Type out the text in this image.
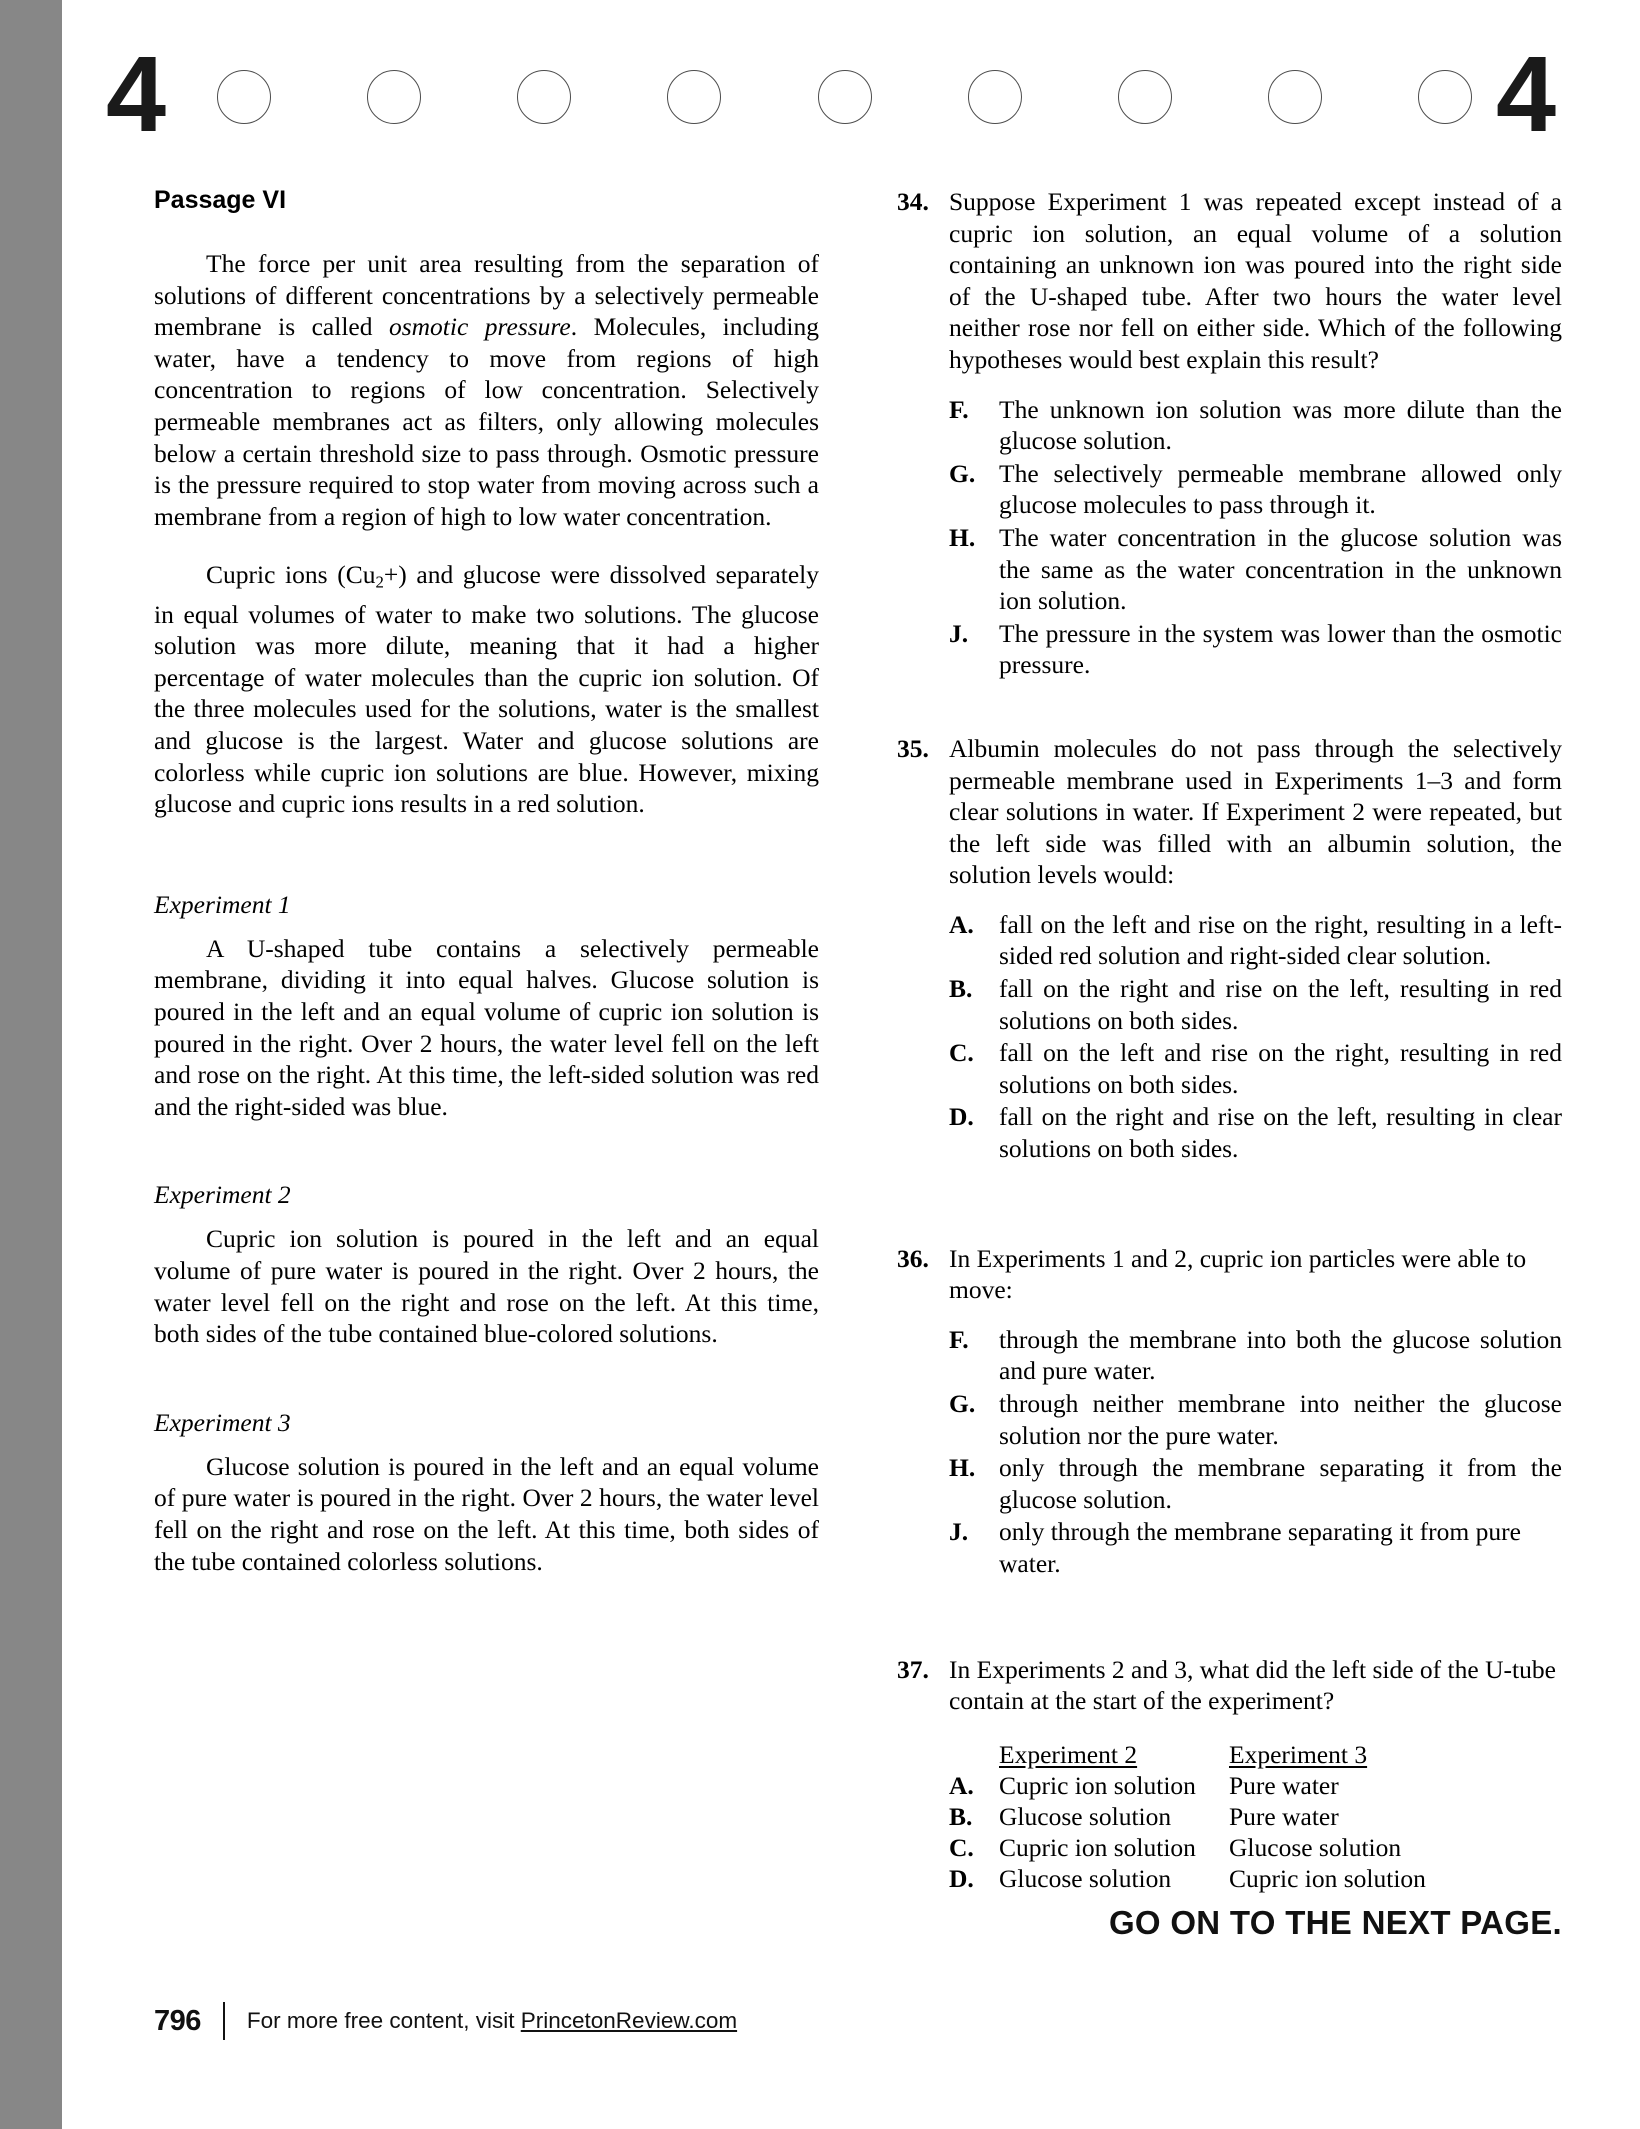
4	4
Passage VI

The force per unit area resulting from the separation of solutions of different concentrations by a selectively permeable membrane is called osmotic pressure. Molecules, including water, have a tendency to move from regions of high concentration to regions of low concentration. Selectively permeable membranes act as filters, only allowing molecules below a certain threshold size to pass through. Osmotic pressure is the pressure required to stop water from moving across such a membrane from a region of high to low water concentration.

Cupric ions $(Cu_2+)$ and glucose were dissolved separately in equal volumes of water to make two solutions. The glucose solution was more dilute, meaning that it had a higher percentage of water molecules than the cupric ion solution. Of the three molecules used for the solutions, water is the smallest and glucose is the largest. Water and glucose solutions are colorless while cupric ion solutions are blue. However, mixing glucose and cupric ions results in a red solution.

Experiment 1

A U-shaped tube contains a selectively permeable membrane, dividing it into equal halves. Glucose solution is poured in the left and an equal volume of cupric ion solution is poured in the right. Over 2 hours, the water level fell on the left and rose on the right. At this time, the left-sided solution was red and the right-sided was blue.

Experiment 2

Cupric ion solution is poured in the left and an equal volume of pure water is poured in the right. Over 2 hours, the water level fell on the right and rose on the left. At this time, both sides of the tube contained blue-colored solutions.

Experiment 3

Glucose solution is poured in the left and an equal volume of pure water is poured in the right. Over 2 hours, the water level fell on the right and rose on the left. At this time, both sides of the tube contained colorless solutions.

34. Suppose Experiment 1 was repeated except instead of a cupric ion solution, an equal volume of a solution containing an unknown ion was poured into the right side of the U-shaped tube. After two hours the water level neither rose nor fell on either side. Which of the following hypotheses would best explain this result?
F.	The unknown ion solution was more dilute than the glucose solution.
G. The selectively permeable membrane allowed only glucose molecules to pass through it.
H. The water concentration in the glucose solution was the same as the water concentration in the unknown ion solution.
J.	The pressure in the system was lower than the osmotic pressure.
35. Albumin molecules do not pass through the selectively permeable membrane used in Experiments 1–3 and form clear solutions in water. If Experiment 2 were repeated, but the left side was filled with an albumin solution, the solution levels would:
A. fall on the left and rise on the right, resulting in a left-sided red solution and right-sided clear solution.
B.	fall on the right and rise on the left, resulting in red solutions on both sides.
C. fall on the left and rise on the right, resulting in red solutions on both sides.
D. fall on the right and rise on the left, resulting in clear solutions on both sides.
36. In Experiments 1 and 2, cupric ion particles were able to move:
F.	through the membrane into both the glucose solution and pure water.
G. through neither membrane into neither the glucose solution nor the pure water.
H. only through the membrane separating it from the glucose solution.
J.	only through the membrane separating it from pure water.
37. In Experiments 2 and 3, what did the left side of the U-tube contain at the start of the experiment?
Experiment 2	Experiment 3
A. Cupric ion solution	Pure water
B.	Glucose solution	Pure water
C. Cupric ion solution	Glucose solution
D. Glucose solution	Cupric ion solution
GO ON TO THE NEXT PAGE.
796 For more free content, visit PrincetonReview.com
